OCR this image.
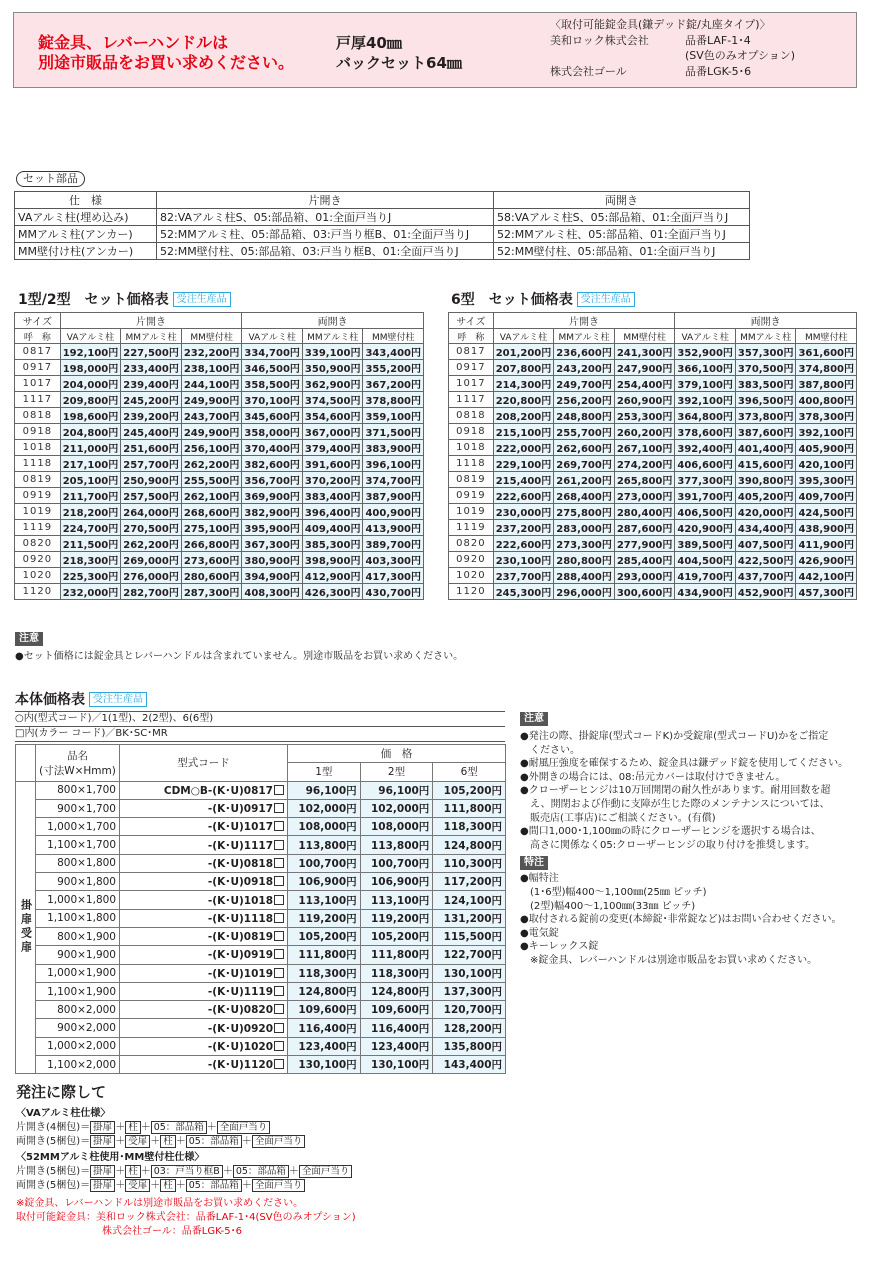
錠金具、レバーハンドルは
別途市販品をお買い求めください。
戸厚40㎜
バックセット64㎜
〈取付可能錠金具(鎌デッド錠/丸座タイプ)〉
美和ロック株式会社	品番LAF-1･4
(SV色のみオプション)
株式会社ゴール	品番LGK-5･6
セット部品
仕　様	片開き	両開き
VAアルミ柱(埋め込み)	82:VAアルミ柱S、05:部品箱、01:全面戸当りJ	58:VAアルミ柱S、05:部品箱、01:全面戸当りJ
MMアルミ柱(アンカー)	52:MMアルミ柱、05:部品箱、03:戸当り框B、01:全面戸当りJ	52:MMアルミ柱、05:部品箱、01:全面戸当りJ
MM壁付け柱(アンカー)	52:MM壁付柱、05:部品箱、03:戸当り框B、01:全面戸当りJ	52:MM壁付柱、05:部品箱、01:全面戸当りJ
1型/2型　セット価格表 受注生産品
サイズ	片開き			両開き		
呼　称	VAアルミ柱	MMアルミ柱	MM壁付柱	VAアルミ柱	MMアルミ柱	MM壁付柱
0817	192,100円	227,500円	232,200円	334,700円	339,100円	343,400円
0917	198,000円	233,400円	238,100円	346,500円	350,900円	355,200円
1017	204,000円	239,400円	244,100円	358,500円	362,900円	367,200円
1117	209,800円	245,200円	249,900円	370,100円	374,500円	378,800円
0818	198,600円	239,200円	243,700円	345,600円	354,600円	359,100円
0918	204,800円	245,400円	249,900円	358,000円	367,000円	371,500円
1018	211,000円	251,600円	256,100円	370,400円	379,400円	383,900円
1118	217,100円	257,700円	262,200円	382,600円	391,600円	396,100円
0819	205,100円	250,900円	255,500円	356,700円	370,200円	374,700円
0919	211,700円	257,500円	262,100円	369,900円	383,400円	387,900円
1019	218,200円	264,000円	268,600円	382,900円	396,400円	400,900円
1119	224,700円	270,500円	275,100円	395,900円	409,400円	413,900円
0820	211,500円	262,200円	266,800円	367,300円	385,300円	389,700円
0920	218,300円	269,000円	273,600円	380,900円	398,900円	403,300円
1020	225,300円	276,000円	280,600円	394,900円	412,900円	417,300円
1120	232,000円	282,700円	287,300円	408,300円	426,300円	430,700円
6型　セット価格表 受注生産品
サイズ	片開き			両開き		
呼　称	VAアルミ柱	MMアルミ柱	MM壁付柱	VAアルミ柱	MMアルミ柱	MM壁付柱
0817	201,200円	236,600円	241,300円	352,900円	357,300円	361,600円
0917	207,800円	243,200円	247,900円	366,100円	370,500円	374,800円
1017	214,300円	249,700円	254,400円	379,100円	383,500円	387,800円
1117	220,800円	256,200円	260,900円	392,100円	396,500円	400,800円
0818	208,200円	248,800円	253,300円	364,800円	373,800円	378,300円
0918	215,100円	255,700円	260,200円	378,600円	387,600円	392,100円
1018	222,000円	262,600円	267,100円	392,400円	401,400円	405,900円
1118	229,100円	269,700円	274,200円	406,600円	415,600円	420,100円
0819	215,400円	261,200円	265,800円	377,300円	390,800円	395,300円
0919	222,600円	268,400円	273,000円	391,700円	405,200円	409,700円
1019	230,000円	275,800円	280,400円	406,500円	420,000円	424,500円
1119	237,200円	283,000円	287,600円	420,900円	434,400円	438,900円
0820	222,600円	273,300円	277,900円	389,500円	407,500円	411,900円
0920	230,100円	280,800円	285,400円	404,500円	422,500円	426,900円
1020	237,700円	288,400円	293,000円	419,700円	437,700円	442,100円
1120	245,300円	296,000円	300,600円	434,900円	452,900円	457,300円
注意
●セット価格には錠金具とレバーハンドルは含まれていません。別途市販品をお買い求めください。
本体価格表 受注生産品
○内(型式コード)／1(1型)、2(2型)、6(6型)
□内(カラー コード)／BK･SC･MR

	品名
(寸法W×Hmm)	型式コード	価　格		
			1型	2型	6型
掛扉受扉	800×1,700	CDM○B-(K･U)0817	96,100円	96,100円	105,200円
	900×1,700	-(K･U)0917	102,000円	102,000円	111,800円
	1,000×1,700	-(K･U)1017	108,000円	108,000円	118,300円
	1,100×1,700	-(K･U)1117	113,800円	113,800円	124,800円
	800×1,800	-(K･U)0818	100,700円	100,700円	110,300円
	900×1,800	-(K･U)0918	106,900円	106,900円	117,200円
	1,000×1,800	-(K･U)1018	113,100円	113,100円	124,100円
	1,100×1,800	-(K･U)1118	119,200円	119,200円	131,200円
	800×1,900	-(K･U)0819	105,200円	105,200円	115,500円
	900×1,900	-(K･U)0919	111,800円	111,800円	122,700円
	1,000×1,900	-(K･U)1019	118,300円	118,300円	130,100円
	1,100×1,900	-(K･U)1119	124,800円	124,800円	137,300円
	800×2,000	-(K･U)0820	109,600円	109,600円	120,700円
	900×2,000	-(K･U)0920	116,400円	116,400円	128,200円
	1,000×2,000	-(K･U)1020	123,400円	123,400円	135,800円
	1,100×2,000	-(K･U)1120	130,100円	130,100円	143,400円
注意
●発注の際、掛錠扉(型式コードK)か受錠扉(型式コードU)かをご指定
　ください。
●耐風圧強度を確保するため、錠金具は鎌デッド錠を使用してください。
●外開きの場合には、08:吊元カバーは取付けできません。
●クローザーヒンジは10万回開閉の耐久性があります。耐用回数を超
　え、開閉および作動に支障が生じた際のメンテナンスについては、
　販売店(工事店)にご相談ください。(有償)
●間口1,000･1,100㎜の時にクローザーヒンジを選択する場合は、
　高さに関係なく05:クローザーヒンジの取り付けを推奨します。
特注
●幅特注
　(1･6型)幅400～1,100㎜(25㎜ ピッチ)
　(2型)幅400～1,100㎜(33㎜ ピッチ)
●取付される錠前の変更(本締錠･非常錠など)はお問い合わせください。
●電気錠
●キーレックス錠
　※錠金具、レバーハンドルは別途市販品をお買い求めください。
発注に際して
〈VAアルミ柱仕様〉
片開き(4梱包)＝ 掛扉 ＋ 柱 ＋ 05：部品箱 ＋ 全面戸当り
両開き(5梱包)＝ 掛扉 ＋ 受扉 ＋ 柱 ＋ 05：部品箱 ＋ 全面戸当り
〈52MMアルミ柱使用･MM壁付柱仕様〉
片開き(5梱包)＝ 掛扉 ＋ 柱 ＋ 03：戸当り框B ＋ 05：部品箱 ＋ 全面戸当り
両開き(5梱包)＝ 掛扉 ＋ 受扉 ＋ 柱 ＋ 05：部品箱 ＋ 全面戸当り
※錠金具、レバーハンドルは別途市販品をお買い求めください。
取付可能錠金具：美和ロック株式会社：品番LAF-1･4(SV色のみオプション)
株式会社ゴール：品番LGK-5･6
